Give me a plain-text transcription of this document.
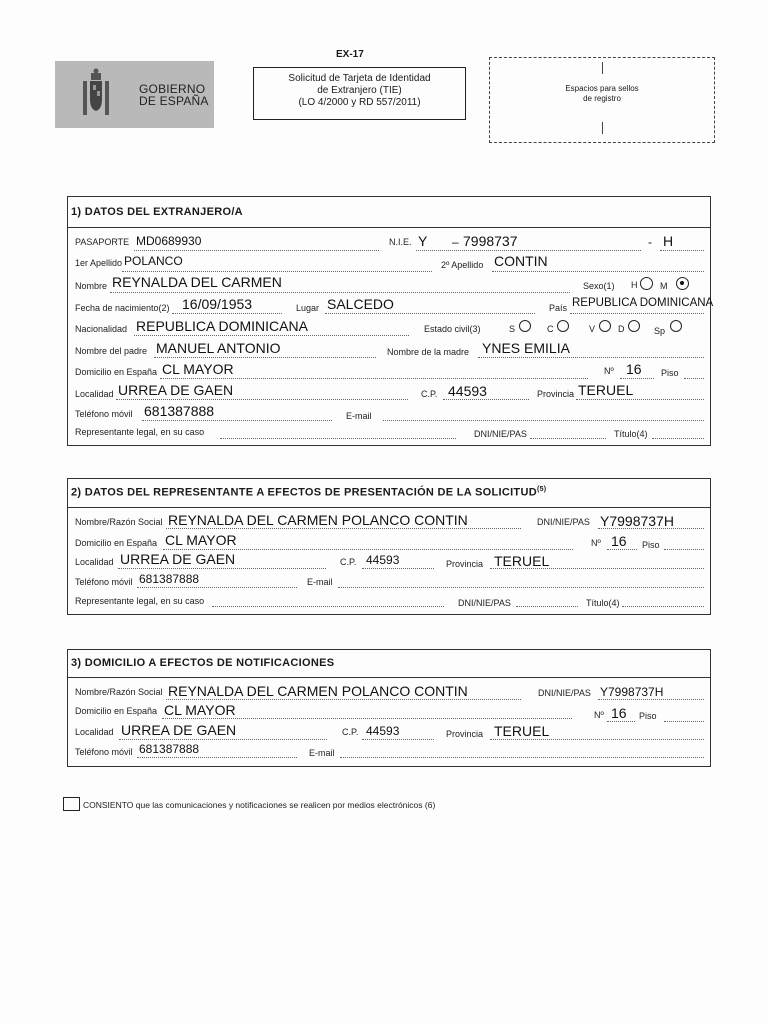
GOBIERNO
DE ESPAÑA
EX-17
Solicitud de Tarjeta de Identidad
de Extranjero (TIE)
(LO 4/2000 y RD 557/2011)
Espacios para sellos
de registro
1) DATOS DEL EXTRANJERO/A
PASAPORTE MD0689930	N.I.E. Y – 7998737	- H
1er Apellido POLANCO	2º Apellido CONTIN
Nombre REYNALDA DEL CARMEN	Sexo(1) H	M
Fecha de nacimiento(2) 16/09/1953	Lugar SALCEDO	País REPUBLICA DOMINICANA
Nacionalidad REPUBLICA DOMINICANA	Estado civil(3)	S	C	V	D	Sp
Nombre del padre MANUEL ANTONIO	Nombre de la madre YNES EMILIA
Domicilio en España CL MAYOR	Nº 16 Piso
Localidad URREA DE GAEN	C.P. 44593	Provincia TERUEL
Teléfono móvil 681387888	E-mail
Representante legal, en su caso	DNI/NIE/PAS	Título(4)
2) DATOS DEL REPRESENTANTE A EFECTOS DE PRESENTACIÓN DE LA SOLICITUD$^{(5)}$
Nombre/Razón Social REYNALDA DEL CARMEN POLANCO CONTIN	DNI/NIE/PAS Y7998737H
Domicilio en España CL MAYOR	Nº 16 Piso
Localidad URREA DE GAEN	C.P. 44593	Provincia TERUEL
Teléfono móvil 681387888	E-mail
Representante legal, en su caso	DNI/NIE/PAS	Título(4)
3) DOMICILIO A EFECTOS DE NOTIFICACIONES
Nombre/Razón Social REYNALDA DEL CARMEN POLANCO CONTIN	DNI/NIE/PAS Y7998737H
Domicilio en España CL MAYOR	Nº 16 Piso
Localidad URREA DE GAEN	C.P. 44593	Provincia TERUEL
Teléfono móvil 681387888	E-mail
CONSIENTO que las comunicaciones y notificaciones se realicen por medios electrónicos (6)
